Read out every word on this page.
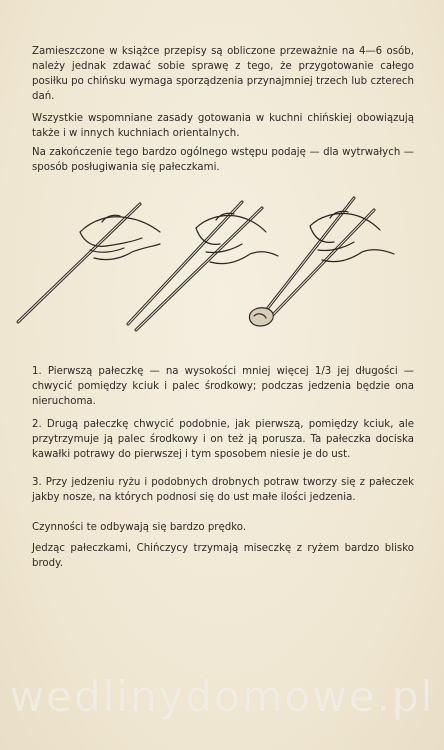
Zamieszczone w książce przepisy są obliczone przeważnie na 4—6 osób, należy jednak zdawać sobie sprawę z tego, że przygotowanie całego posiłku po chińsku wymaga sporządzenia przynajmniej trzech lub czterech dań.

Wszystkie wspomniane zasady gotowania w kuchni chińskiej obowiązują także i w innych kuchniach orientalnych.

Na zakończenie tego bardzo ogólnego wstępu podaję — dla wytrwałych — sposób posługiwania się pałeczkami.

1. Pierwszą pałeczkę — na wysokości mniej więcej 1/3 jej długości — chwycić pomiędzy kciuk i palec środkowy; podczas jedzenia będzie ona nieruchoma.

2. Drugą pałeczkę chwycić podobnie, jak pierwszą, pomiędzy kciuk, ale przytrzymuje ją palec środkowy i on też ją porusza. Ta pałeczka dociska kawałki potrawy do pierwszej i tym sposobem niesie je do ust.

3. Przy jedzeniu ryżu i podobnych drobnych potraw tworzy się z pałeczek jakby nosze, na których podnosi się do ust małe ilości jedzenia.

Czynności te odbywają się bardzo prędko.

Jedząc pałeczkami, Chińczycy trzymają miseczkę z ryżem bardzo blisko brody.

wedlinydomowe.pl
